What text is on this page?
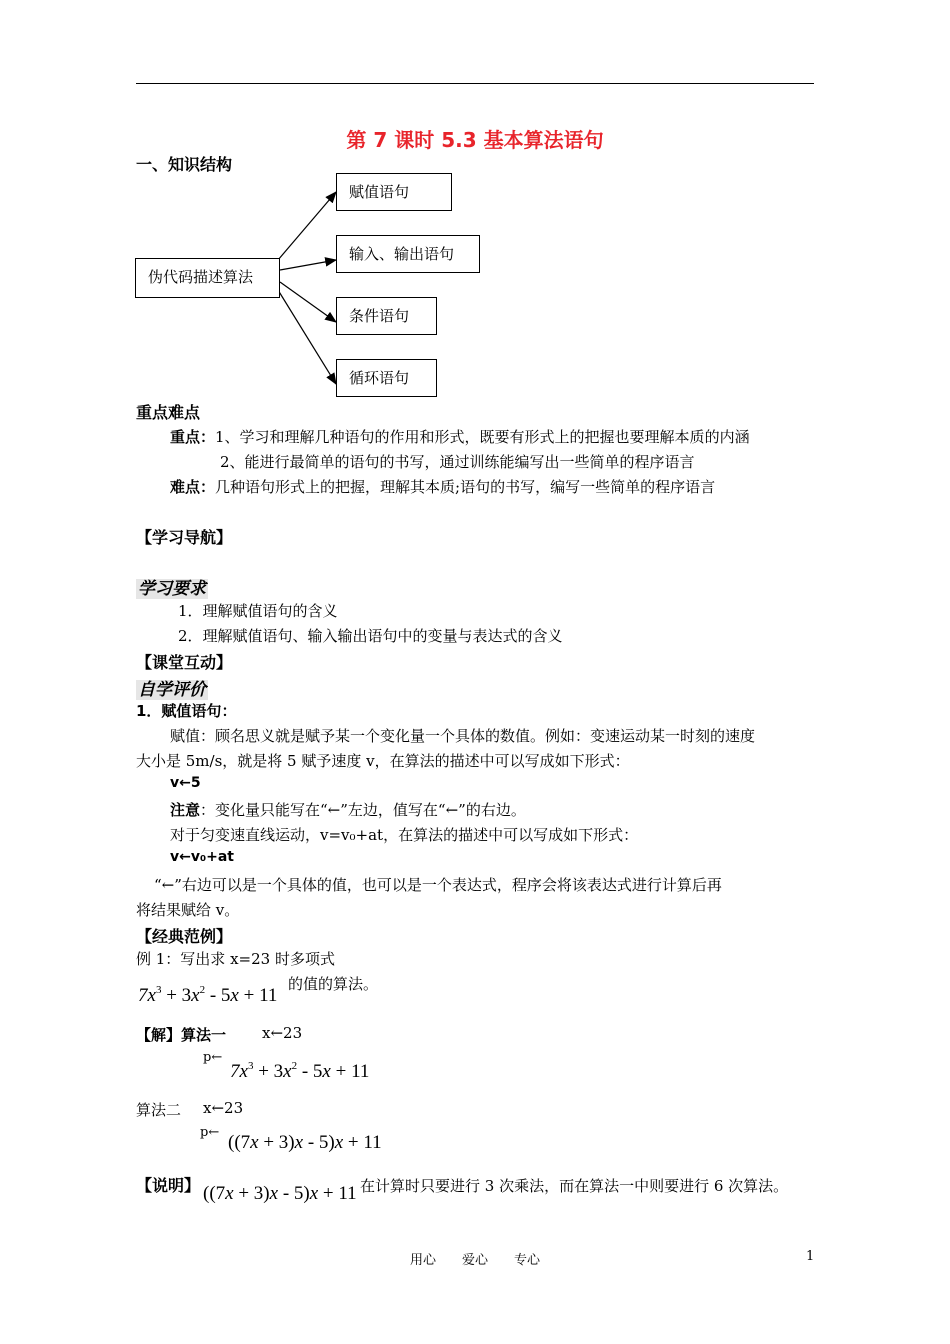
第 7 课时 5.3 基本算法语句
一、知识结构
伪代码描述算法
赋值语句
输入、输出语句
条件语句
循环语句
重点难点
重点：1、学习和理解几种语句的作用和形式，既要有形式上的把握也要理解本质的内涵
2、能进行最简单的语句的书写，通过训练能编写出一些简单的程序语言
难点：几种语句形式上的把握，理解其本质;语句的书写，编写一些简单的程序语言
【学习导航】
学习要求
1．理解赋值语句的含义
2．理解赋值语句、输入输出语句中的变量与表达式的含义
【课堂互动】
自学评价
1．赋值语句：
赋值：顾名思义就是赋予某一个变化量一个具体的数值。例如：变速运动某一时刻的速度
大小是 5m/s，就是将 5 赋予速度 v，在算法的描述中可以写成如下形式：
v←5
注意：变化量只能写在“←”左边，值写在“←”的右边。
对于匀变速直线运动，v=v₀+at，在算法的描述中可以写成如下形式：
v←v₀+at
“←”右边可以是一个具体的值，也可以是一个表达式，程序会将该表达式进行计算后再
将结果赋给 v。
【经典范例】
例 1：写出求 x=23 时多项式
$7x^3 + 3x^2 - 5x + 11$
的值的算法。
【解】算法一 x←23
p←
$7x^3 + 3x^2 - 5x + 11$
算法二 x←23
p← ((7x + 3)x - 5)x + 11
【说明】 ((7x + 3)x - 5)x + 11 在计算时只要进行 3 次乘法，而在算法一中则要进行 6 次算法。
用心　　爱心　　专心	1
